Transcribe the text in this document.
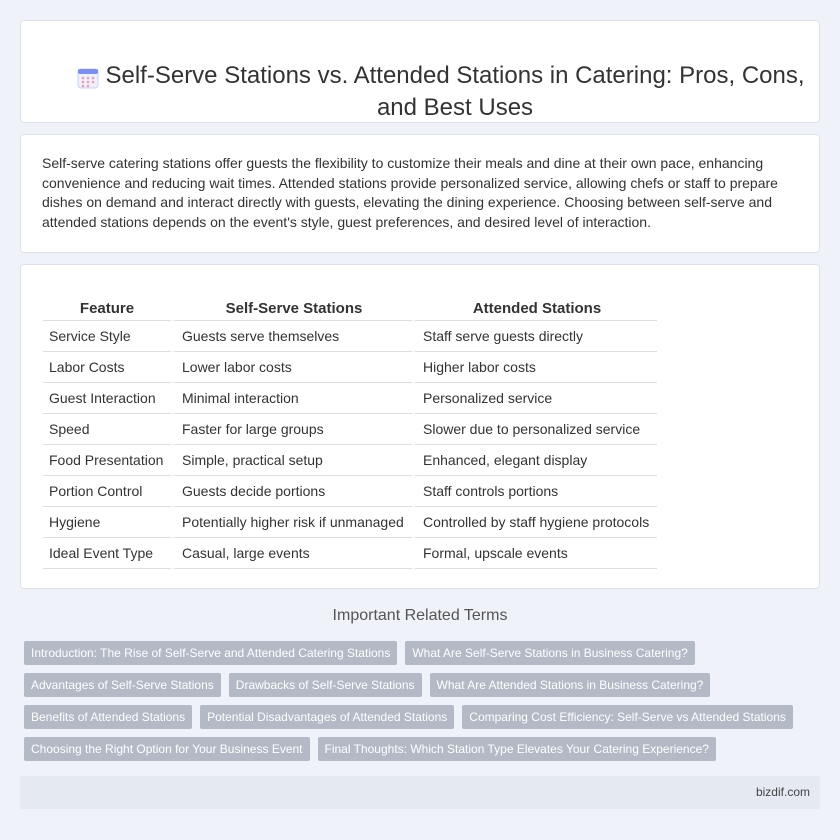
Self-Serve Stations vs. Attended Stations in Catering: Pros, Cons, and Best Uses

Self-serve catering stations offer guests the flexibility to customize their meals and dine at their own pace, enhancing convenience and reducing wait times. Attended stations provide personalized service, allowing chefs or staff to prepare dishes on demand and interact directly with guests, elevating the dining experience. Choosing between self-serve and attended stations depends on the event's style, guest preferences, and desired level of interaction.

Feature	Self-Serve Stations	Attended Stations
Service Style	Guests serve themselves	Staff serve guests directly
Labor Costs	Lower labor costs	Higher labor costs
Guest Interaction	Minimal interaction	Personalized service
Speed	Faster for large groups	Slower due to personalized service
Food Presentation	Simple, practical setup	Enhanced, elegant display
Portion Control	Guests decide portions	Staff controls portions
Hygiene	Potentially higher risk if unmanaged	Controlled by staff hygiene protocols
Ideal Event Type	Casual, large events	Formal, upscale events
Important Related Terms
Introduction: The Rise of Self-Serve and Attended Catering Stations	What Are Self-Serve Stations in Business Catering?
Advantages of Self-Serve Stations	Drawbacks of Self-Serve Stations	What Are Attended Stations in Business Catering?
Benefits of Attended Stations	Potential Disadvantages of Attended Stations	Comparing Cost Efficiency: Self-Serve vs Attended Stations
Choosing the Right Option for Your Business Event	Final Thoughts: Which Station Type Elevates Your Catering Experience?
bizdif.com
